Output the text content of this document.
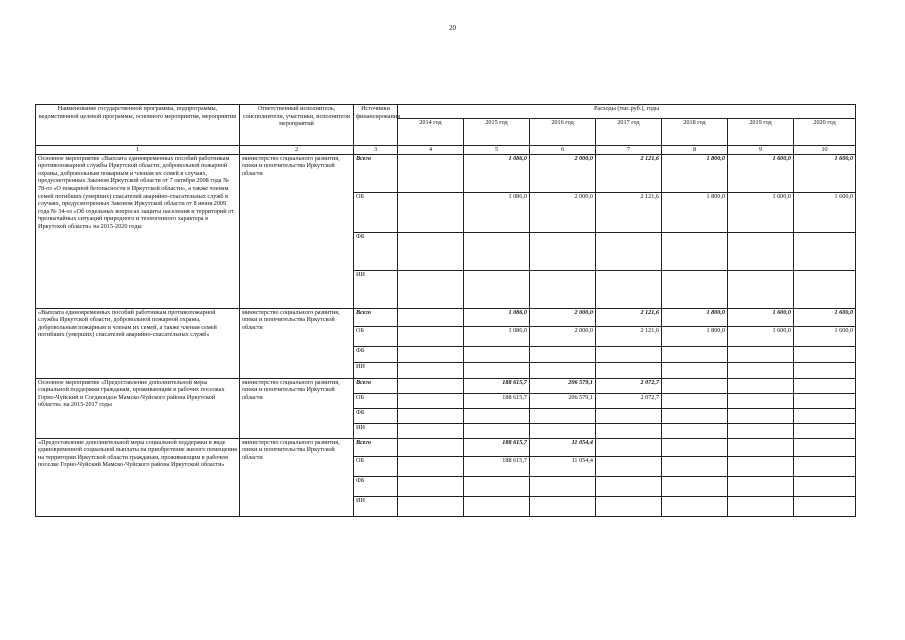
20
Наименование государственной программы, подпрограммы, ведомственной целевой программы, основного мероприятия, мероприятия	Ответственный исполнитель, соисполнители, участники, исполнители мероприятий	Источники финансирования	Расходы (тыс.руб.), годы						
			2014 год	2015 год	2016 год	2017 год	2018 год	2019 год	2020 год
1	2	3	4	5	6	7	8	9	10
Основное мероприятие «Выплата единовременных пособий работникам противопожарной службы Иркутской области, добровольной пожарной охраны, добровольным пожарным и членам их семей в случаях, предусмотренных Законом Иркутской области от 7 октября 2008 года № 78-оз «О пожарной безопасности в Иркутской области», а также членам семей погибших (умерших) спасателей аварийно-спасательных служб в случаях, предусмотренных Законом Иркутской области от 8 июня 2009 года № 34-оз «Об отдельных вопросах защиты населения и территорий от чрезвычайных ситуаций природного и техногенного характера в Иркутской области» на 2015-2020 годы	министерство социального развития, опеки и попечительства Иркутской области	Всего		1 086,0	2 000,0	2 121,6	1 800,0	1 600,0	1 600,0
		ОБ		1 086,0	2 000,0	2 121,6	1 800,0	1 600,0	1 600,0
		ФБ							
		ИИ							
«Выплата единовременных пособий работникам противопожарной службы Иркутской области, добровольной пожарной охраны, добровольным пожарным и членам их семей, а также членам семей погибших (умерших) спасателей аварийно-спасательных служб»	министерство социального развития, опеки и попечительства Иркутской области	Всего		1 086,0	2 000,0	2 121,6	1 800,0	1 600,0	1 600,0
		ОБ		1 086,0	2 000,0	2 121,6	1 800,0	1 600,0	1 600,0
		ФБ							
		ИИ							
Основное мероприятие «Предоставление дополнительной меры социальной поддержки гражданам, проживающим в рабочих поселках Горно-Чуйский и Согдиондон Мамско-Чуйского района Иркутской области» на 2015-2017 годы	министерство социального развития, опеки и попечительства Иркутской области	Всего		188 615,7	206 579,1	2 072,7			
		ОБ		188 615,7	206 579,1	2 072,7			
		ФБ							
		ИИ							
«Предоставление дополнительной меры социальной поддержки в виде единовременной социальной выплаты на приобретение жилого помещения на территории Иркутской области гражданам, проживающим в рабочем поселке Горно-Чуйский Мамско-Чуйского района Иркутской области»	министерство социального развития, опеки и попечительства Иркутской области	Всего		188 615,7	11 054,4				
		ОБ		188 615,7	11 054,4				
		ФБ							
		ИИ							
